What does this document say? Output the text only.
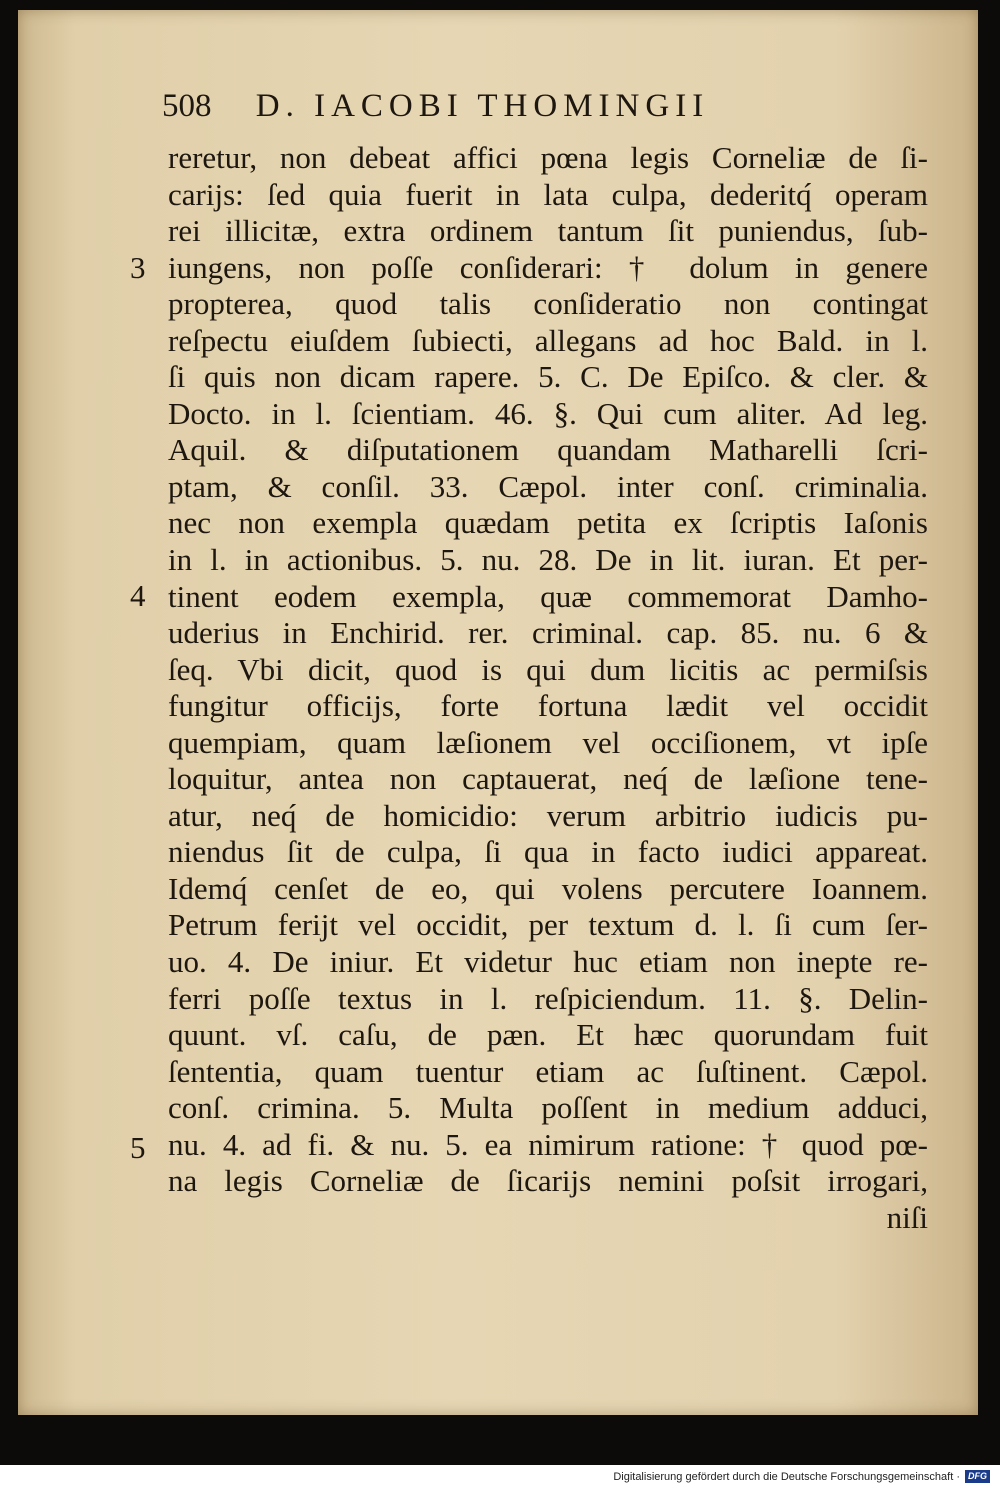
508 D. IACOBI THOMINGII
3
4
5
reretur, non debeat affici pœna legis Corneliæ de ſi-
carijs: ſed quia fuerit in lata culpa, dederitq́ operam
rei illicitæ, extra ordinem tantum ſit puniendus, ſub-
iungens, non poſſe conſiderari: † dolum in genere
propterea, quod talis conſideratio non contingat
reſpectu eiuſdem ſubiecti, allegans ad hoc Bald. in l.
ſi quis non dicam rapere. 5. C. De Epiſco. & cler. &
Docto. in l. ſcientiam. 46. §. Qui cum aliter. Ad leg.
Aquil. & diſputationem quandam Matharelli ſcri-
ptam, & conſil. 33. Cæpol. inter conſ. criminalia.
nec non exempla quædam petita ex ſcriptis Iaſonis
in l. in actionibus. 5. nu. 28. De in lit. iuran. Et per-
tinent eodem exempla, quæ commemorat Damho-
uderius in Enchirid. rer. criminal. cap. 85. nu. 6 &
ſeq. Vbi dicit, quod is qui dum licitis ac permiſsis
fungitur officijs, forte fortuna lædit vel occidit
quempiam, quam læſionem vel occiſionem, vt ipſe
loquitur, antea non captauerat, neq́ de læſione tene-
atur, neq́ de homicidio: verum arbitrio iudicis pu-
niendus ſit de culpa, ſi qua in facto iudici appareat.
Idemq́ cenſet de eo, qui volens percutere Ioannem.
Petrum ferijt vel occidit, per textum d. l. ſi cum ſer-
uo. 4. De iniur. Et videtur huc etiam non inepte re-
ferri poſſe textus in l. reſpiciendum. 11. §. Delin-
quunt. vſ. caſu, de pæn. Et hæc quorundam fuit
ſententia, quam tuentur etiam ac ſuſtinent. Cæpol.
conſ. crimina. 5. Multa poſſent in medium adduci,
nu. 4. ad fi. & nu. 5. ea nimirum ratione: † quod pœ-
na legis Corneliæ de ſicarijs nemini poſsit irrogari,
niſi
Digitalisierung gefördert durch die Deutsche Forschungsgemeinschaft · DFG
